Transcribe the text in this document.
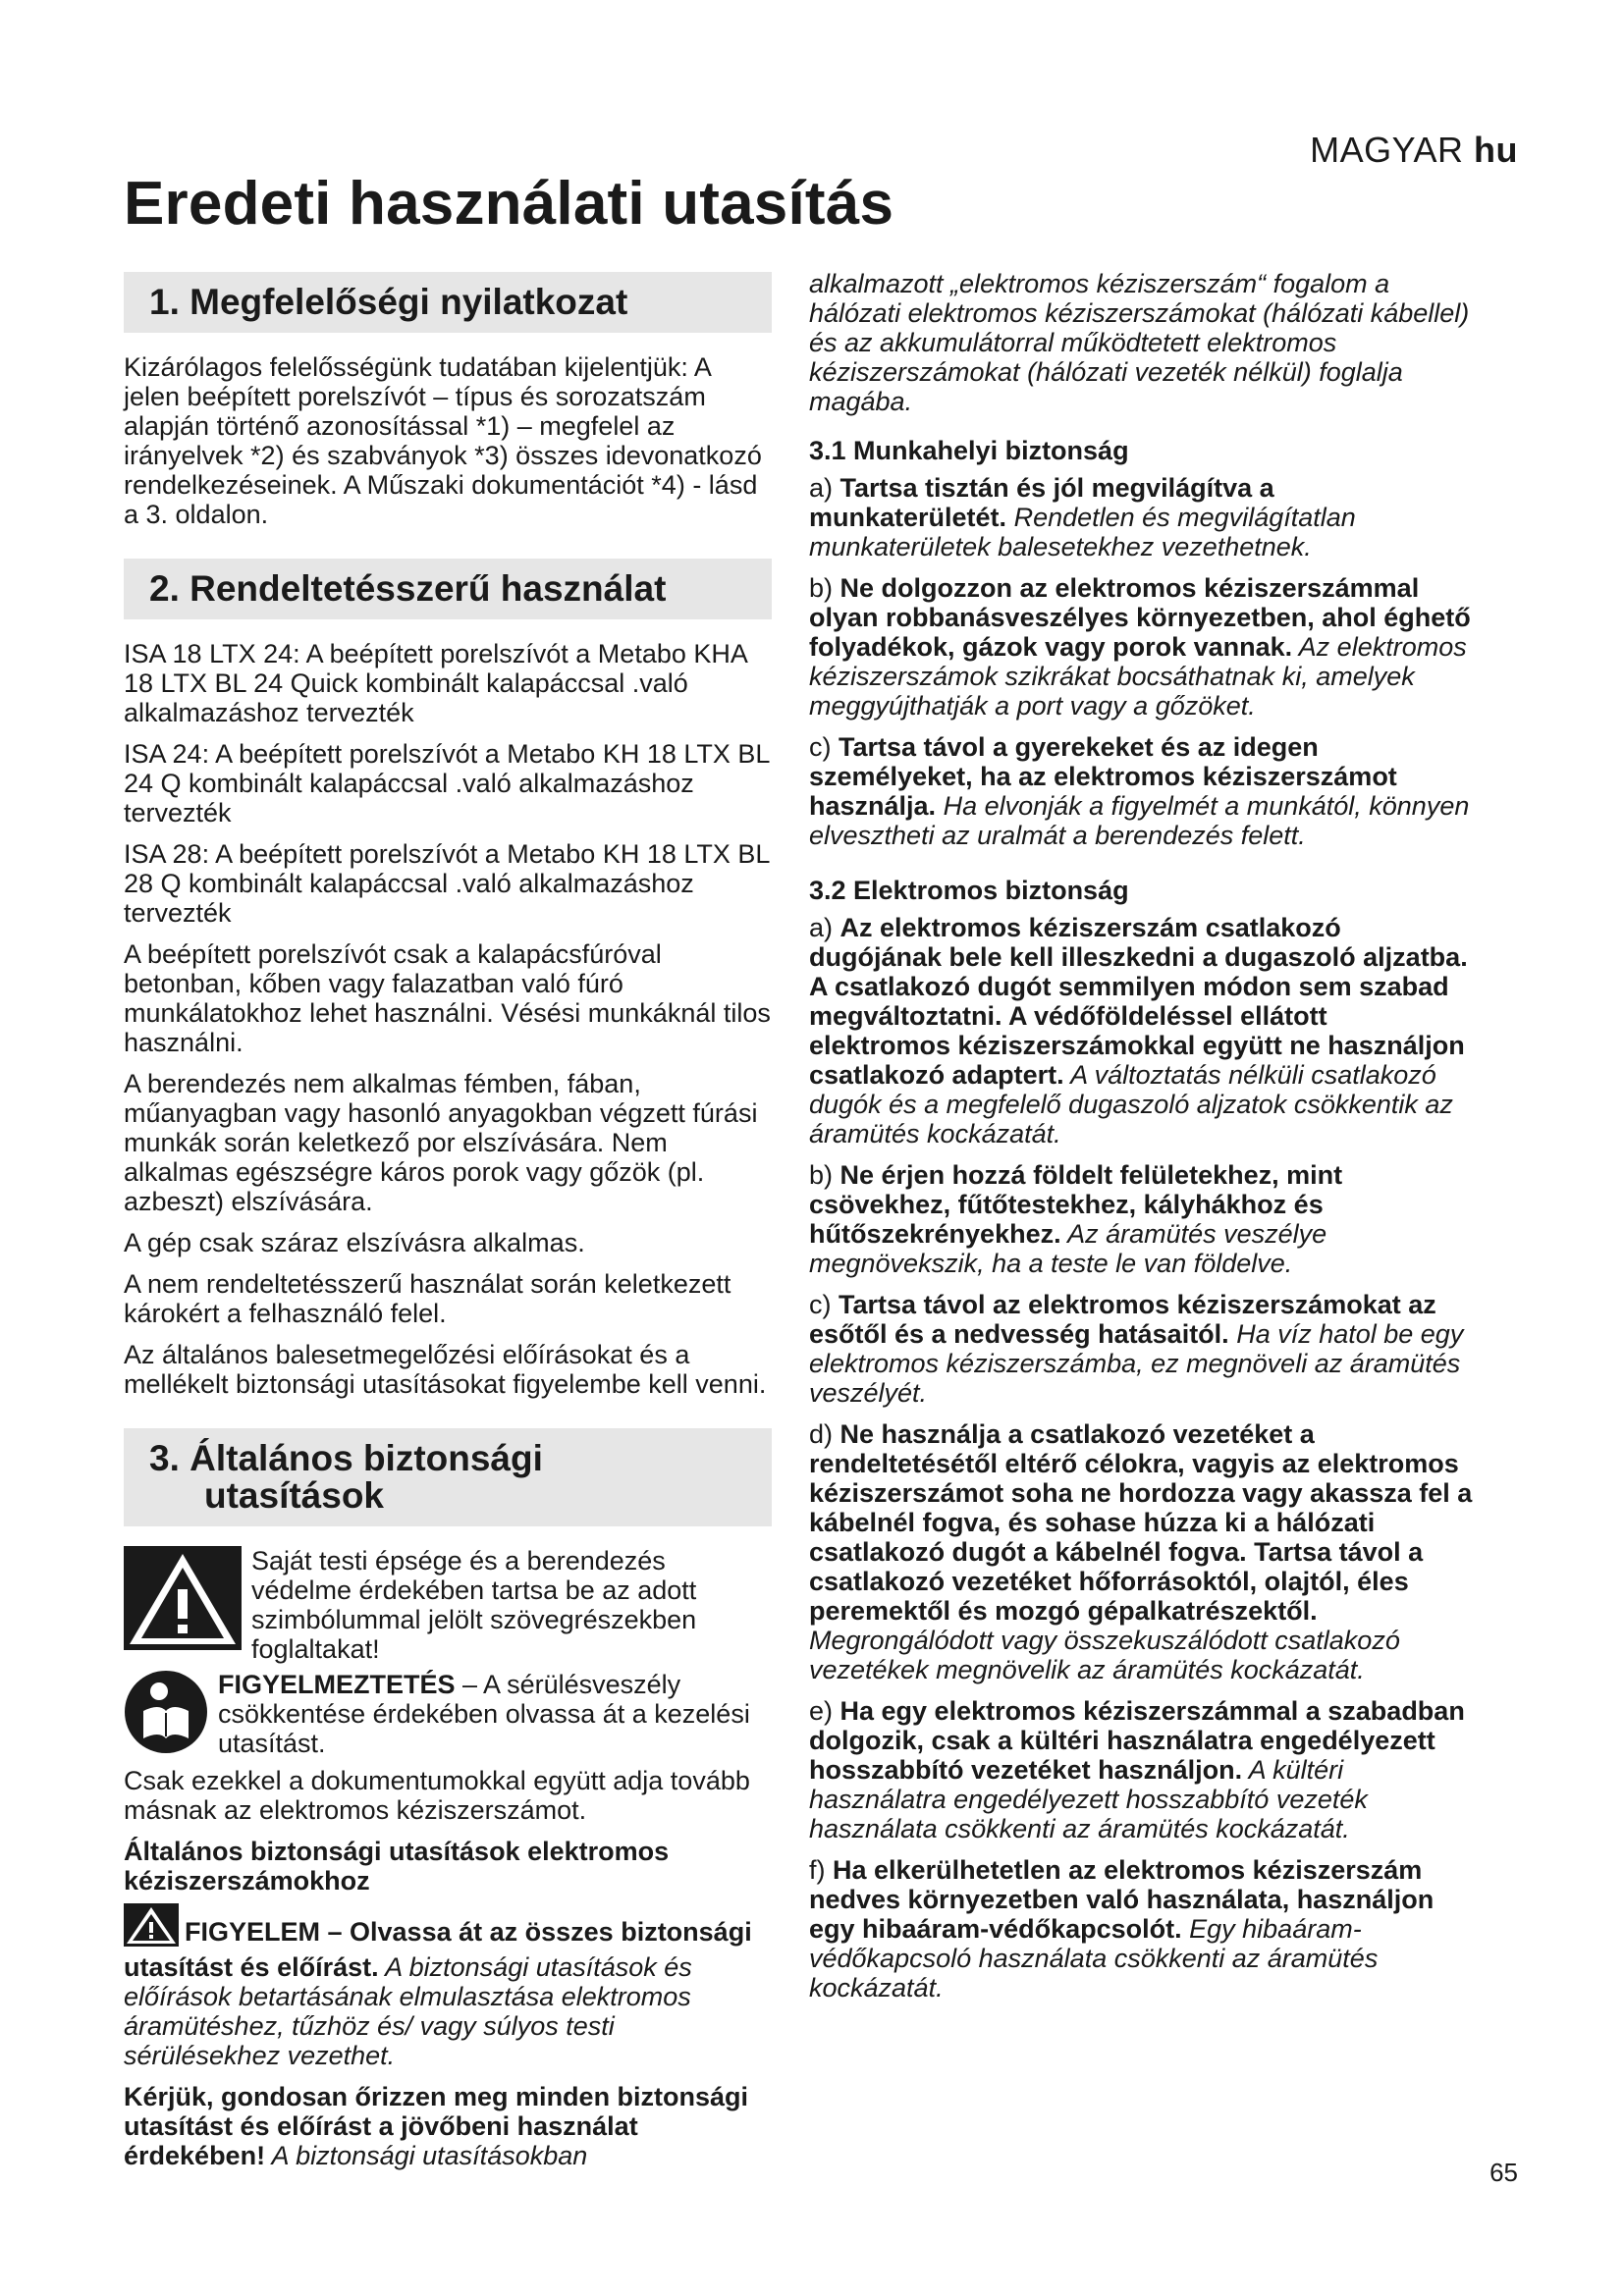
MAGYAR hu
Eredeti használati utasítás
1. Megfelelőségi nyilatkozat

Kizárólagos felelősségünk tudatában kijelentjük: A jelen beépített porelszívót – típus és sorozatszám alapján történő azonosítással *1) – megfelel az irányelvek *2) és szabványok *3) összes idevonatkozó rendelkezéseinek. A Műszaki dokumentációt *4) - lásd a 3. oldalon.

2. Rendeltetésszerű használat

ISA 18 LTX 24: A beépített porelszívót a Metabo KHA 18 LTX BL 24 Quick kombinált kalapáccsal .való alkalmazáshoz tervezték

ISA 24: A beépített porelszívót a Metabo KH 18 LTX BL 24 Q kombinált kalapáccsal .való alkalmazáshoz tervezték

ISA 28: A beépített porelszívót a Metabo KH 18 LTX BL 28 Q kombinált kalapáccsal .való alkalmazáshoz tervezték

A beépített porelszívót csak a kalapácsfúróval betonban, kőben vagy falazatban való fúró munkálatokhoz lehet használni. Vésési munkáknál tilos használni.

A berendezés nem alkalmas fémben, fában, műanyagban vagy hasonló anyagokban végzett fúrási munkák során keletkező por elszívására. Nem alkalmas egészségre káros porok vagy gőzök (pl. azbeszt) elszívására.

A gép csak száraz elszívásra alkalmas.

A nem rendeltetésszerű használat során keletkezett károkért a felhasználó felel.

Az általános balesetmegelőzési előírásokat és a mellékelt biztonsági utasításokat figyelembe kell venni.

3. Általános biztonsági
utasítások

Saját testi épsége és a berendezés védelme érdekében tartsa be az adott szimbólummal jelölt szövegrészekben foglaltakat!

FIGYELMEZTETÉS – A sérülésveszély csökkentése érdekében olvassa át a kezelési utasítást.

Csak ezekkel a dokumentumokkal együtt adja tovább másnak az elektromos kéziszerszámot.

Általános biztonsági utasítások elektromos kéziszerszámokhoz

FIGYELEM – Olvassa át az összes biztonsági utasítást és előírást. A biztonsági utasítások és előírások betartásának elmulasztása elektromos áramütéshez, tűzhöz és/ vagy súlyos testi sérülésekhez vezethet.

Kérjük, gondosan őrizzen meg minden biztonsági utasítást és előírást a jövőbeni használat érdekében! A biztonsági utasításokban

alkalmazott „elektromos kéziszerszám“ fogalom a hálózati elektromos kéziszerszámokat (hálózati kábellel) és az akkumulátorral működtetett elektromos kéziszerszámokat (hálózati vezeték nélkül) foglalja magába.

3.1 Munkahelyi biztonság

a) Tartsa tisztán és jól megvilágítva a munkaterületét. Rendetlen és megvilágítatlan munkaterületek balesetekhez vezethetnek.

b) Ne dolgozzon az elektromos kéziszerszámmal olyan robbanásveszélyes környezetben, ahol éghető folyadékok, gázok vagy porok vannak. Az elektromos kéziszerszámok szikrákat bocsáthatnak ki, amelyek meggyújthatják a port vagy a gőzöket.

c) Tartsa távol a gyerekeket és az idegen személyeket, ha az elektromos kéziszerszámot használja. Ha elvonják a figyelmét a munkától, könnyen elvesztheti az uralmát a berendezés felett.

3.2 Elektromos biztonság

a) Az elektromos kéziszerszám csatlakozó dugójának bele kell illeszkedni a dugaszoló aljzatba. A csatlakozó dugót semmilyen módon sem szabad megváltoztatni. A védőföldeléssel ellátott elektromos kéziszerszámokkal együtt ne használjon csatlakozó adaptert. A változtatás nélküli csatlakozó dugók és a megfelelő dugaszoló aljzatok csökkentik az áramütés kockázatát.

b) Ne érjen hozzá földelt felületekhez, mint csövekhez, fűtőtestekhez, kályhákhoz és hűtőszekrényekhez. Az áramütés veszélye megnövekszik, ha a teste le van földelve.

c) Tartsa távol az elektromos kéziszerszámokat az esőtől és a nedvesség hatásaitól. Ha víz hatol be egy elektromos kéziszerszámba, ez megnöveli az áramütés veszélyét.

d) Ne használja a csatlakozó vezetéket a rendeltetésétől eltérő célokra, vagyis az elektromos kéziszerszámot soha ne hordozza vagy akassza fel a kábelnél fogva, és sohase húzza ki a hálózati csatlakozó dugót a kábelnél fogva. Tartsa távol a csatlakozó vezetéket hőforrásoktól, olajtól, éles peremektől és mozgó gépalkatrészektől. Megrongálódott vagy összekuszálódott csatlakozó vezetékek megnövelik az áramütés kockázatát.

e) Ha egy elektromos kéziszerszámmal a szabadban dolgozik, csak a kültéri használatra engedélyezett hosszabbító vezetéket használjon. A kültéri használatra engedélyezett hosszabbító vezeték használata csökkenti az áramütés kockázatát.

f) Ha elkerülhetetlen az elektromos kéziszerszám nedves környezetben való használata, használjon egy hibaáram-védőkapcsolót. Egy hibaáram-védőkapcsoló használata csökkenti az áramütés kockázatát.

65
